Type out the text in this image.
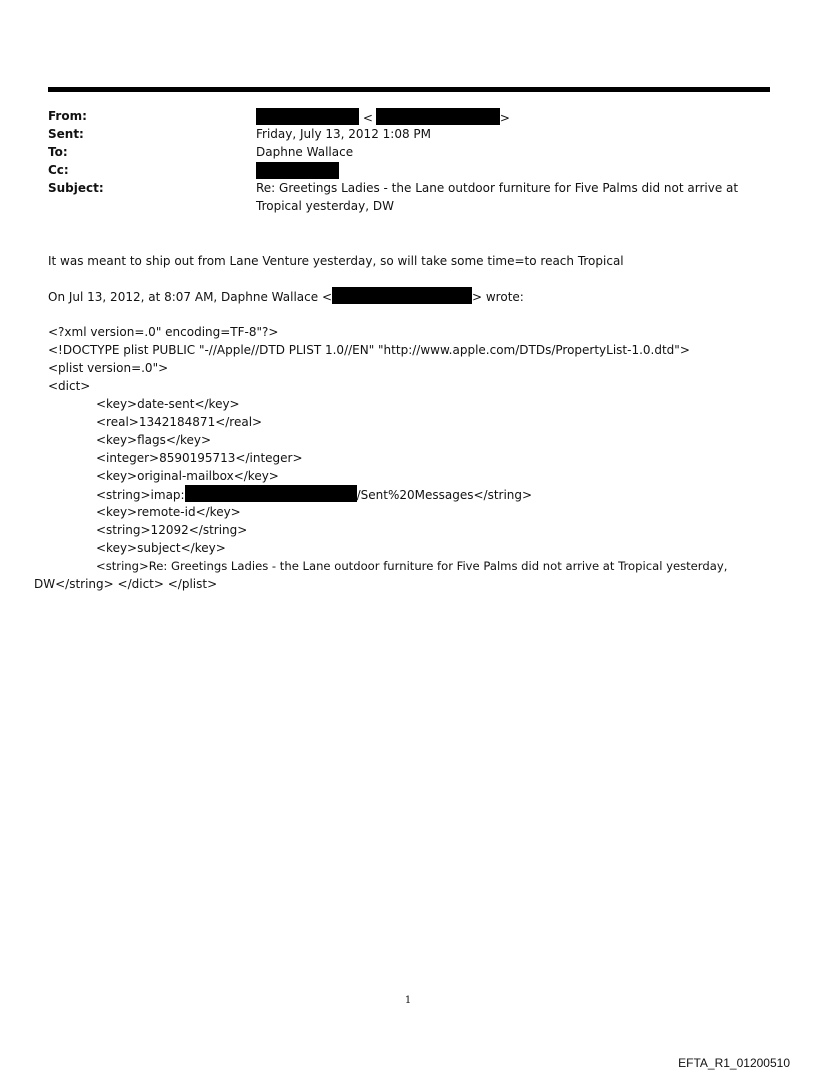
From:	<	>
Sent:	Friday, July 13, 2012 1:08 PM
To:	Daphne Wallace
Cc:
Subject:	Re: Greetings Ladies - the Lane outdoor furniture for Five Palms did not arrive at
Tropical yesterday, DW
It was meant to ship out from Lane Venture yesterday, so will take some time=to reach Tropical
On Jul 13, 2012, at 8:07 AM, Daphne Wallace <	> wrote:
<?xml version=.0" encoding=TF-8"?>
<!DOCTYPE plist PUBLIC "-//Apple//DTD PLIST 1.0//EN" "http://www.apple.com/DTDs/PropertyList-1.0.dtd">
<plist version=.0">
<dict>
<key>date-sent</key>
<real>1342184871</real>
<key>flags</key>
<integer>8590195713</integer>
<key>original-mailbox</key>
<string>imap:	/Sent%20Messages</string>
<key>remote-id</key>
<string>12092</string>
<key>subject</key>
<string>Re: Greetings Ladies - the Lane outdoor furniture for Five Palms did not arrive at Tropical yesterday,
DW</string> </dict> </plist>
1
EFTA_R1_01200510
